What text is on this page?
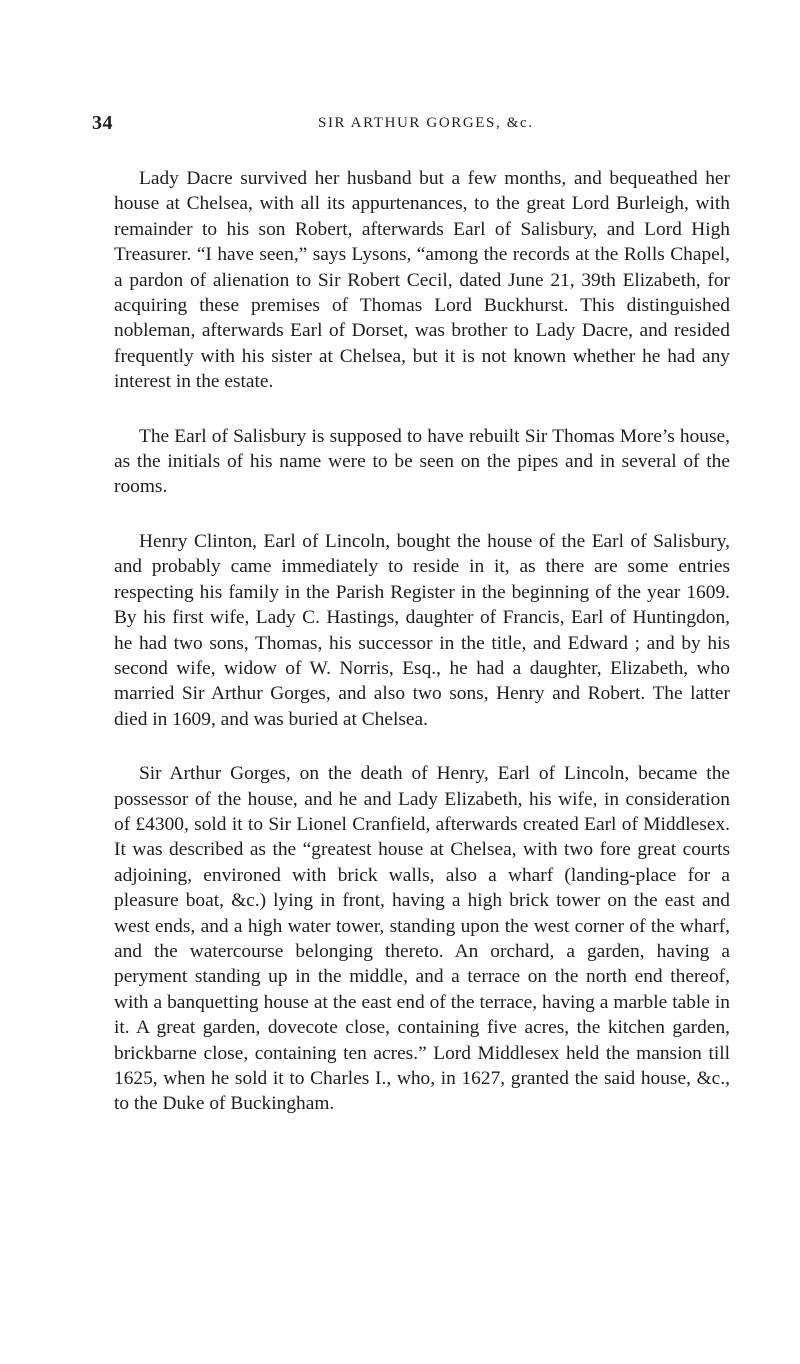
34	SIR ARTHUR GORGES, &c.

Lady Dacre survived her husband but a few months, and bequeathed her house at Chelsea, with all its appurtenances, to the great Lord Burleigh, with remainder to his son Robert, afterwards Earl of Salisbury, and Lord High Treasurer. “I have seen,” says Lysons, “among the records at the Rolls Chapel, a pardon of alienation to Sir Robert Cecil, dated June 21, 39th Elizabeth, for acquiring these premises of Thomas Lord Buckhurst. This distinguished nobleman, afterwards Earl of Dorset, was brother to Lady Dacre, and resided frequently with his sister at Chelsea, but it is not known whether he had any interest in the estate.

The Earl of Salisbury is supposed to have rebuilt Sir Thomas More’s house, as the initials of his name were to be seen on the pipes and in several of the rooms.

Henry Clinton, Earl of Lincoln, bought the house of the Earl of Salisbury, and probably came immediately to reside in it, as there are some entries respecting his family in the Parish Register in the beginning of the year 1609. By his first wife, Lady C. Hastings, daughter of Francis, Earl of Huntingdon, he had two sons, Thomas, his successor in the title, and Edward ; and by his second wife, widow of W. Norris, Esq., he had a daughter, Elizabeth, who married Sir Arthur Gorges, and also two sons, Henry and Robert. The latter died in 1609, and was buried at Chelsea.

Sir Arthur Gorges, on the death of Henry, Earl of Lincoln, became the possessor of the house, and he and Lady Elizabeth, his wife, in consideration of £4300, sold it to Sir Lionel Cranfield, afterwards created Earl of Middlesex. It was described as the “greatest house at Chelsea, with two fore great courts adjoining, environed with brick walls, also a wharf (landing-place for a pleasure boat, &c.) lying in front, having a high brick tower on the east and west ends, and a high water tower, standing upon the west corner of the wharf, and the watercourse belonging thereto. An orchard, a garden, having a peryment standing up in the middle, and a terrace on the north end thereof, with a banquetting house at the east end of the terrace, having a marble table in it. A great garden, dovecote close, containing five acres, the kitchen garden, brickbarne close, containing ten acres.” Lord Middlesex held the mansion till 1625, when he sold it to Charles I., who, in 1627, granted the said house, &c., to the Duke of Buckingham.
